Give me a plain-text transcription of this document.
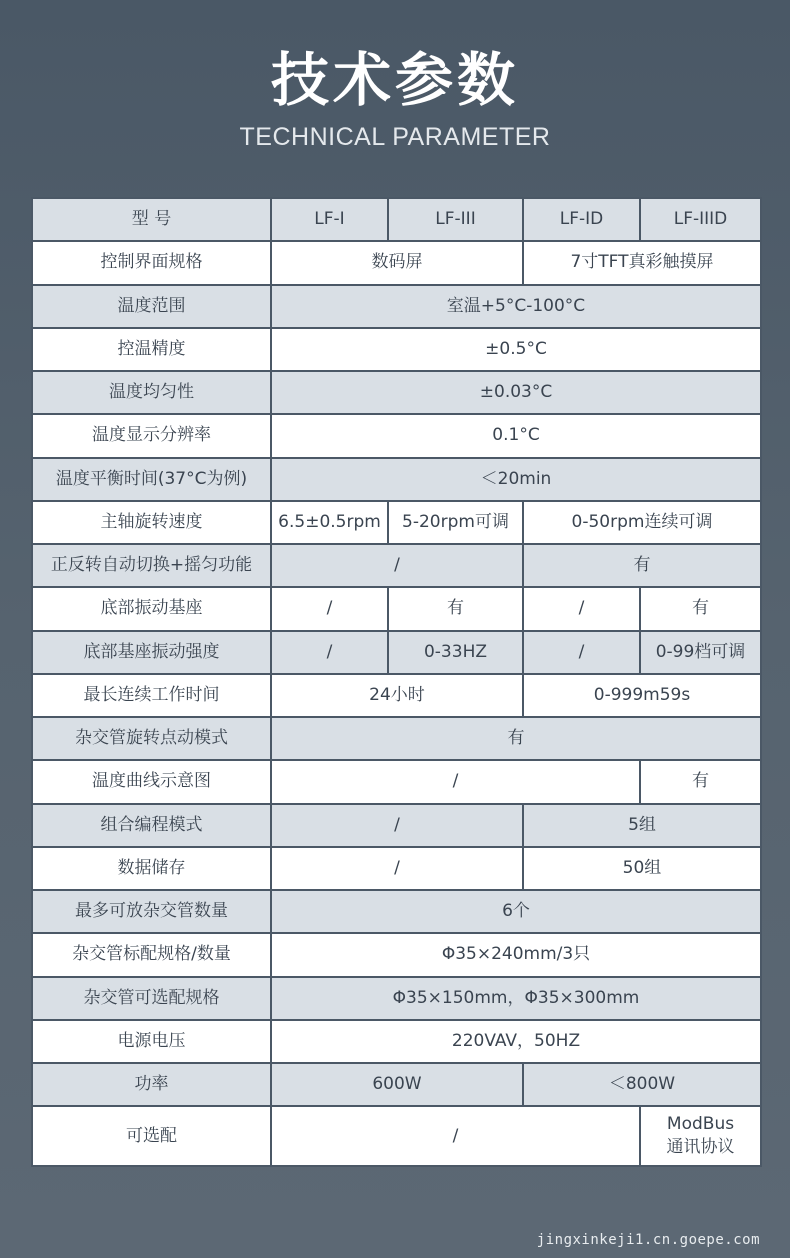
技术参数
TECHNICAL PARAMETER
型 号	LF-I	LF-III	LF-ID	LF-IIID
控制界面规格	数码屏		7寸TFT真彩触摸屏	
温度范围	室温+5°C-100°C			
控温精度	±0.5°C			
温度均匀性	±0.03°C			
温度显示分辨率	0.1°C			
温度平衡时间(37°C为例)	＜20min			
主轴旋转速度	6.5±0.5rpm	5-20rpm可调	0-50rpm连续可调	
正反转自动切换+摇匀功能	/		有	
底部振动基座	/	有	/	有
底部基座振动强度	/	0-33HZ	/	0-99档可调
最长连续工作时间	24小时		0-999m59s	
杂交管旋转点动模式	有			
温度曲线示意图	/			有
组合编程模式	/		5组	
数据储存	/		50组	
最多可放杂交管数量	6个			
杂交管标配规格/数量	Φ35×240mm/3只			
杂交管可选配规格	Φ35×150mm，Φ35×300mm			
电源电压	220VAV，50HZ			
功率	600W		＜800W	
可选配	/			ModBus
通讯协议
jingxinkeji1.cn.goepe.com
